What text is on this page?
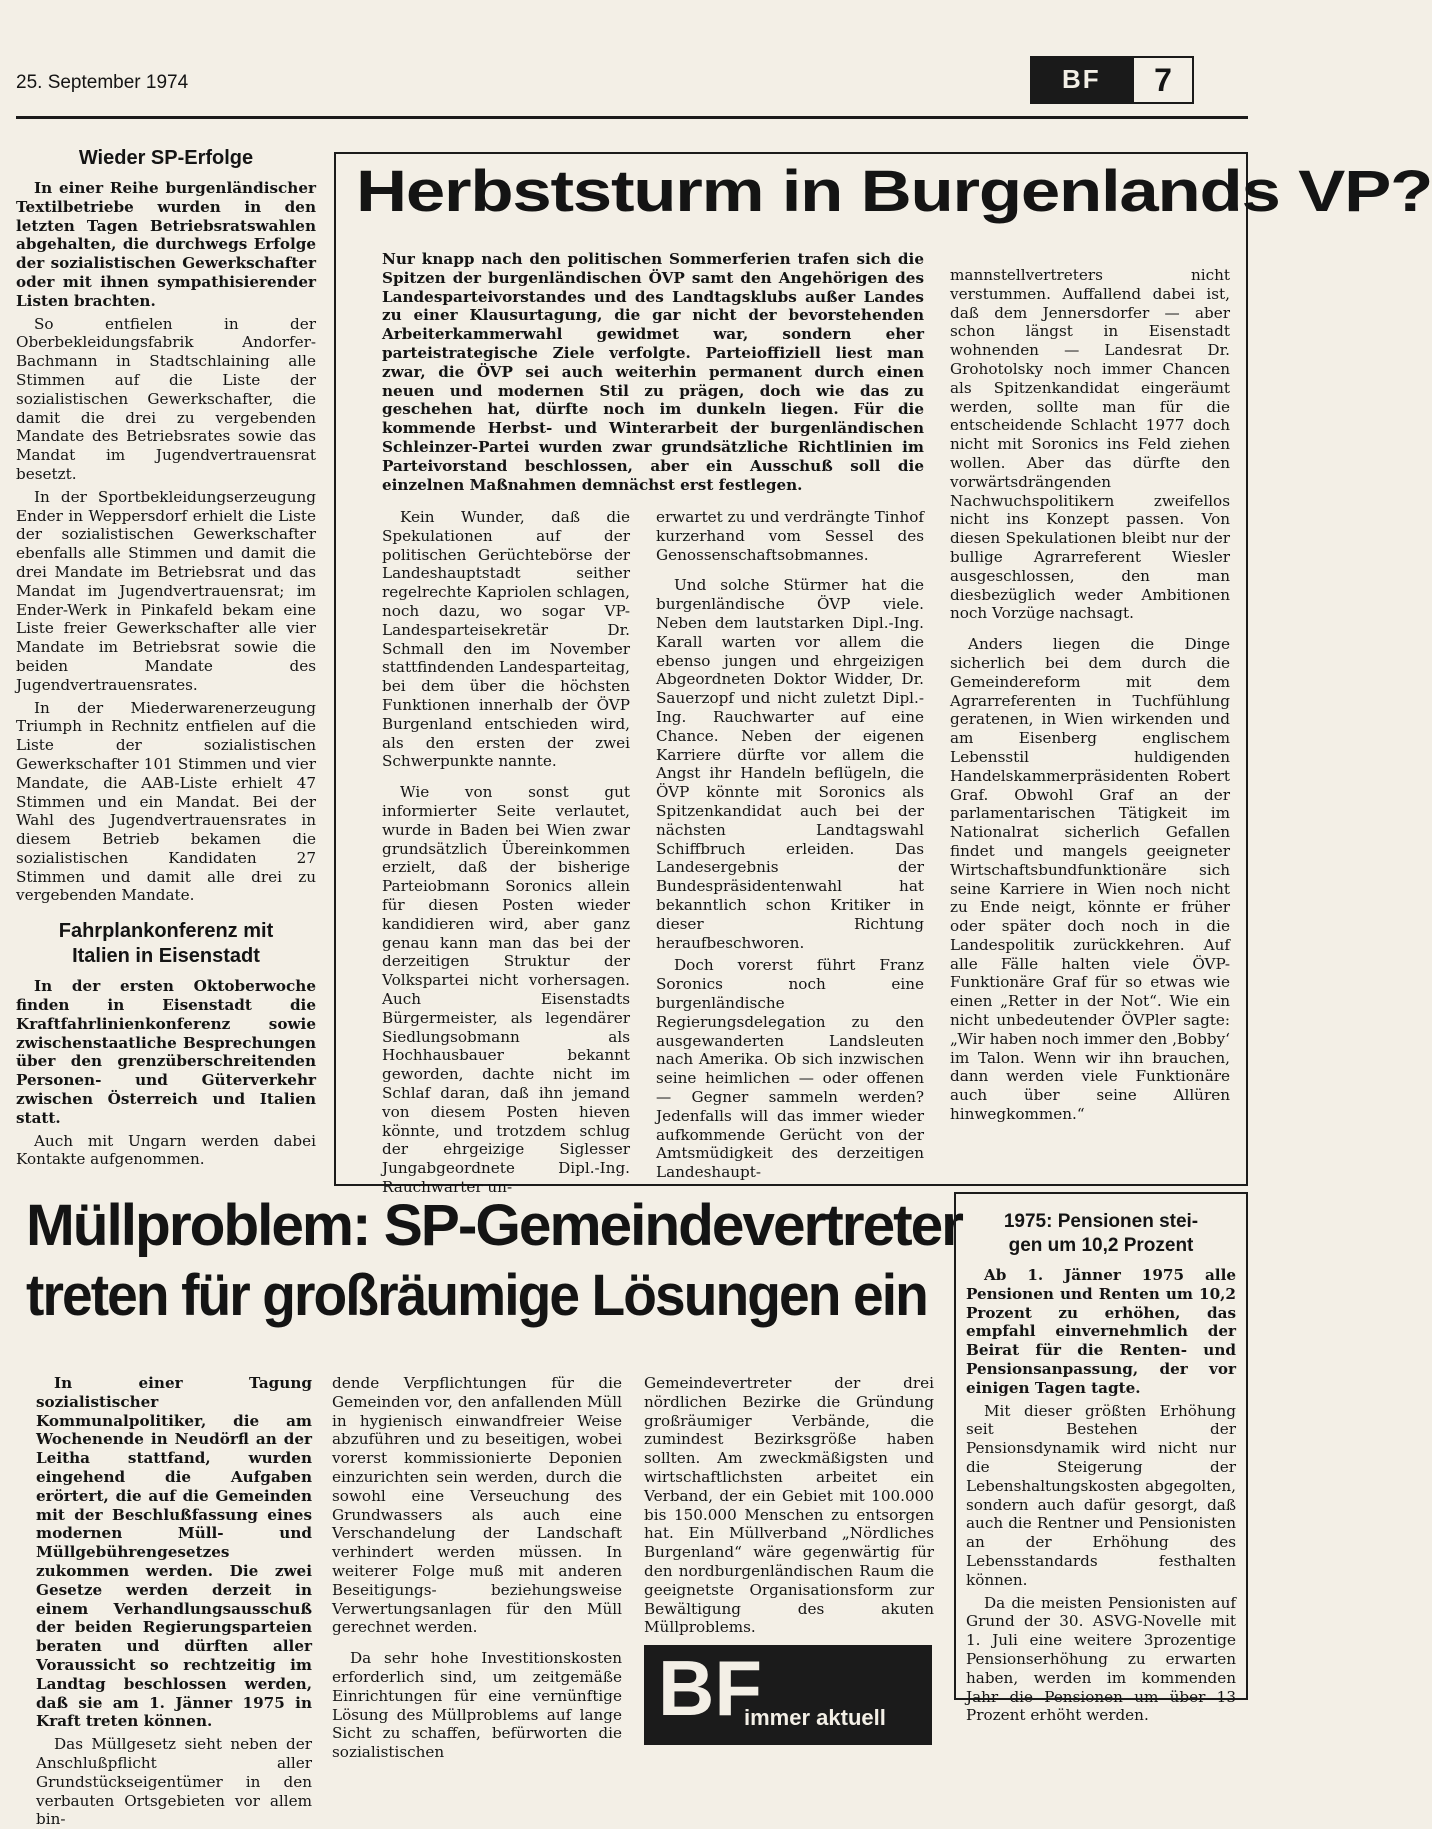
25. September 1974	BF	7
Wieder SP-Erfolge

In einer Reihe burgenländischer Textilbetriebe wurden in den letzten Tagen Betriebsratswahlen abgehalten, die durchwegs Erfolge der sozialistischen Gewerkschafter oder mit ihnen sympathisierender Listen brachten.

So entfielen in der Oberbekleidungsfabrik Andorfer-Bachmann in Stadtschlaining alle Stimmen auf die Liste der sozialistischen Gewerkschafter, die damit die drei zu vergebenden Mandate des Betriebsrates sowie das Mandat im Jugendvertrauensrat besetzt.

In der Sportbekleidungserzeugung Ender in Weppersdorf erhielt die Liste der sozialistischen Gewerkschafter ebenfalls alle Stimmen und damit die drei Mandate im Betriebsrat und das Mandat im Jugendvertrauensrat; im Ender-Werk in Pinkafeld bekam eine Liste freier Gewerkschafter alle vier Mandate im Betriebsrat sowie die beiden Mandate des Jugendvertrauensrates.

In der Miederwarenerzeugung Triumph in Rechnitz entfielen auf die Liste der sozialistischen Gewerkschafter 101 Stimmen und vier Mandate, die AAB-Liste erhielt 47 Stimmen und ein Mandat. Bei der Wahl des Jugendvertrauensrates in diesem Betrieb bekamen die sozialistischen Kandidaten 27 Stimmen und damit alle drei zu vergebenden Mandate.

Fahrplankonferenz mit
Italien in Eisenstadt

In der ersten Oktoberwoche finden in Eisenstadt die Kraftfahrlinienkonferenz sowie zwischenstaatliche Besprechungen über den grenzüberschreitenden Personen- und Güterverkehr zwischen Österreich und Italien statt.

Auch mit Ungarn werden dabei Kontakte aufgenommen.

Herbststurm in Burgenlands VP?

Nur knapp nach den politischen Sommerferien trafen sich die Spitzen der burgenländischen ÖVP samt den Angehörigen des Landesparteivorstandes und des Landtagsklubs außer Landes zu einer Klausurtagung, die gar nicht der bevorstehenden Arbeiterkammerwahl gewidmet war, sondern eher parteistrategische Ziele verfolgte. Parteioffiziell liest man zwar, die ÖVP sei auch weiterhin permanent durch einen neuen und modernen Stil zu prägen, doch wie das zu geschehen hat, dürfte noch im dunkeln liegen. Für die kommende Herbst- und Winterarbeit der burgenländischen Schleinzer-Partei wurden zwar grundsätzliche Richtlinien im Parteivorstand beschlossen, aber ein Ausschuß soll die einzelnen Maßnahmen demnächst erst festlegen.

Kein Wunder, daß die Spekulationen auf der politischen Gerüchtebörse der Landeshauptstadt seither regelrechte Kapriolen schlagen, noch dazu, wo sogar VP-Landesparteisekretär Dr. Schmall den im November stattfindenden Landesparteitag, bei dem über die höchsten Funktionen innerhalb der ÖVP Burgenland entschieden wird, als den ersten der zwei Schwerpunkte nannte.

Wie von sonst gut informierter Seite verlautet, wurde in Baden bei Wien zwar grundsätzlich Übereinkommen erzielt, daß der bisherige Parteiobmann Soronics allein für diesen Posten wieder kandidieren wird, aber ganz genau kann man das bei der derzeitigen Struktur der Volkspartei nicht vorhersagen. Auch Eisenstadts Bürgermeister, als legendärer Siedlungsobmann als Hochhausbauer bekannt geworden, dachte nicht im Schlaf daran, daß ihn jemand von diesem Posten hieven könnte, und trotzdem schlug der ehrgeizige Siglesser Jungabgeordnete Dipl.-Ing. Rauchwarter un-

erwartet zu und verdrängte Tinhof kurzerhand vom Sessel des Genossenschaftsobmannes.

Und solche Stürmer hat die burgenländische ÖVP viele. Neben dem lautstarken Dipl.-Ing. Karall warten vor allem die ebenso jungen und ehrgeizigen Abgeordneten Doktor Widder, Dr. Sauerzopf und nicht zuletzt Dipl.-Ing. Rauchwarter auf eine Chance. Neben der eigenen Karriere dürfte vor allem die Angst ihr Handeln beflügeln, die ÖVP könnte mit Soronics als Spitzenkandidat auch bei der nächsten Landtagswahl Schiffbruch erleiden. Das Landesergebnis der Bundespräsidentenwahl hat bekanntlich schon Kritiker in dieser Richtung heraufbeschworen.

Doch vorerst führt Franz Soronics noch eine burgenländische Regierungsdelegation zu den ausgewanderten Landsleuten nach Amerika. Ob sich inzwischen seine heimlichen — oder offenen — Gegner sammeln werden? Jedenfalls will das immer wieder aufkommende Gerücht von der Amtsmüdigkeit des derzeitigen Landeshaupt-

mannstellvertreters nicht verstummen. Auffallend dabei ist, daß dem Jennersdorfer — aber schon längst in Eisenstadt wohnenden — Landesrat Dr. Grohotolsky noch immer Chancen als Spitzenkandidat eingeräumt werden, sollte man für die entscheidende Schlacht 1977 doch nicht mit Soronics ins Feld ziehen wollen. Aber das dürfte den vorwärtsdrängenden Nachwuchspolitikern zweifellos nicht ins Konzept passen. Von diesen Spekulationen bleibt nur der bullige Agrarreferent Wiesler ausgeschlossen, den man diesbezüglich weder Ambitionen noch Vorzüge nachsagt.

Anders liegen die Dinge sicherlich bei dem durch die Gemeindereform mit dem Agrarreferenten in Tuchfühlung geratenen, in Wien wirkenden und am Eisenberg englischem Lebensstil huldigenden Handelskammerpräsidenten Robert Graf. Obwohl Graf an der parlamentarischen Tätigkeit im Nationalrat sicherlich Gefallen findet und mangels geeigneter Wirtschaftsbundfunktionäre sich seine Karriere in Wien noch nicht zu Ende neigt, könnte er früher oder später doch noch in die Landespolitik zurückkehren. Auf alle Fälle halten viele ÖVP-Funktionäre Graf für so etwas wie einen „Retter in der Not“. Wie ein nicht unbedeutender ÖVPler sagte: „Wir haben noch immer den ‚Bobby‘ im Talon. Wenn wir ihn brauchen, dann werden viele Funktionäre auch über seine Allüren hinwegkommen.“

Müllproblem: SP-Gemeindevertreter
treten für großräumige Lösungen ein

In einer Tagung sozialistischer Kommunalpolitiker, die am Wochenende in Neudörfl an der Leitha stattfand, wurden eingehend die Aufgaben erörtert, die auf die Gemeinden mit der Beschlußfassung eines modernen Müll- und Müllgebührengesetzes zukommen werden. Die zwei Gesetze werden derzeit in einem Verhandlungsausschuß der beiden Regierungsparteien beraten und dürften aller Voraussicht so rechtzeitig im Landtag beschlossen werden, daß sie am 1. Jänner 1975 in Kraft treten können.

Das Müllgesetz sieht neben der Anschlußpflicht aller Grundstückseigentümer in den verbauten Ortsgebieten vor allem bin-

dende Verpflichtungen für die Gemeinden vor, den anfallenden Müll in hygienisch einwandfreier Weise abzuführen und zu beseitigen, wobei vorerst kommissionierte Deponien einzurichten sein werden, durch die sowohl eine Verseuchung des Grundwassers als auch eine Verschandelung der Landschaft verhindert werden müssen. In weiterer Folge muß mit anderen Beseitigungs- beziehungsweise Verwertungsanlagen für den Müll gerechnet werden.

Da sehr hohe Investitionskosten erforderlich sind, um zeitgemäße Einrichtungen für eine vernünftige Lösung des Müllproblems auf lange Sicht zu schaffen, befürworten die sozialistischen

Gemeindevertreter der drei nördlichen Bezirke die Gründung großräumiger Verbände, die zumindest Bezirksgröße haben sollten. Am zweckmäßigsten und wirtschaftlichsten arbeitet ein Verband, der ein Gebiet mit 100.000 bis 150.000 Menschen zu entsorgen hat. Ein Müllverband „Nördliches Burgenland“ wäre gegenwärtig für den nordburgenländischen Raum die geeignetste Organisationsform zur Bewältigung des akuten Müllproblems.

BF
immer aktuell
1975: Pensionen stei-
gen um 10,2 Prozent

Ab 1. Jänner 1975 alle Pensionen und Renten um 10,2 Prozent zu erhöhen, das empfahl einvernehmlich der Beirat für die Renten- und Pensionsanpassung, der vor einigen Tagen tagte.

Mit dieser größten Erhöhung seit Bestehen der Pensionsdynamik wird nicht nur die Steigerung der Lebenshaltungskosten abgegolten, sondern auch dafür gesorgt, daß auch die Rentner und Pensionisten an der Erhöhung des Lebensstandards festhalten können.

Da die meisten Pensionisten auf Grund der 30. ASVG-Novelle mit 1. Juli eine weitere 3prozentige Pensionserhöhung zu erwarten haben, werden im kommenden Jahr die Pensionen um über 13 Prozent erhöht werden.
